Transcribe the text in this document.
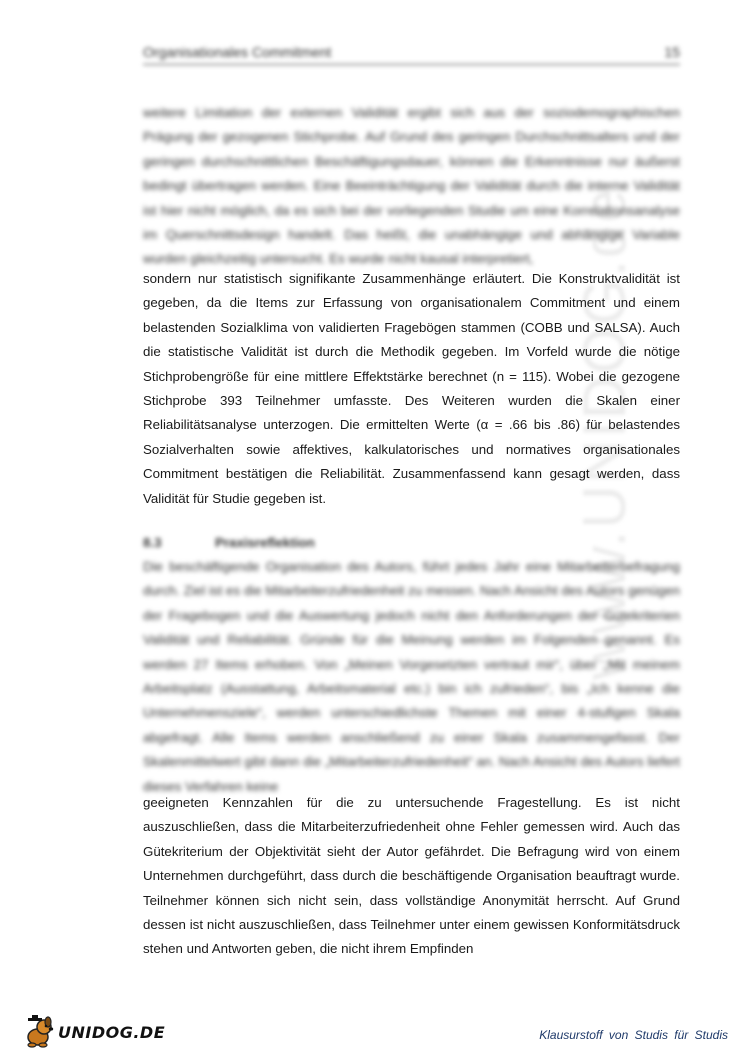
Organisationales Commitment	15
www.UNIDOG.de
weitere Limitation der externen Validität ergibt sich aus der soziodemographischen Prägung der gezogenen Stichprobe. Auf Grund des geringen Durchschnittsalters und der geringen durchschnittlichen Beschäftigungsdauer, können die Erkenntnisse nur äußerst bedingt übertragen werden. Eine Beeinträchtigung der Validität durch die interne Validität ist hier nicht möglich, da es sich bei der vorliegenden Studie um eine Korrelationsanalyse im Querschnittsdesign handelt. Das heißt, die unabhängige und abhängige Variable wurden gleichzeitig untersucht. Es wurde nicht kausal interpretiert,
sondern nur statistisch signifikante Zusammenhänge erläutert. Die Konstruktvalidität ist gegeben, da die Items zur Erfassung von organisationalem Commitment und einem belastenden Sozialklima von validierten Fragebögen stammen (COBB und SALSA). Auch die statistische Validität ist durch die Methodik gegeben. Im Vorfeld wurde die nötige Stichprobengröße für eine mittlere Effektstärke berechnet (n = 115). Wobei die gezogene Stichprobe 393 Teilnehmer umfasste. Des Weiteren wurden die Skalen einer Reliabilitätsanalyse unterzogen. Die ermittelten Werte (α = .66 bis .86) für belastendes Sozialverhalten sowie affektives, kalkulatorisches und normatives organisationales Commitment bestätigen die Reliabilität. Zusammenfassend kann gesagt werden, dass Validität für Studie gegeben ist.
8.3	Praxisreflektion
Die beschäftigende Organisation des Autors, führt jedes Jahr eine Mitarbeiterbefragung durch. Ziel ist es die Mitarbeiterzufriedenheit zu messen. Nach Ansicht des Autors genügen der Fragebogen und die Auswertung jedoch nicht den Anforderungen der Gütekriterien Validität und Reliabilität. Gründe für die Meinung werden im Folgenden genannt. Es werden 27 Items erhoben. Von „Meinen Vorgesetzten vertraut mir“, über „Mit meinem Arbeitsplatz (Ausstattung, Arbeitsmaterial etc.) bin ich zufrieden“, bis „Ich kenne die Unternehmensziele“, werden unterschiedlichste Themen mit einer 4-stufigen Skala abgefragt. Alle Items werden anschließend zu einer Skala zusammengefasst. Der Skalenmittelwert gibt dann die „Mitarbeiterzufriedenheit“ an. Nach Ansicht des Autors liefert dieses Verfahren keine
geeigneten Kennzahlen für die zu untersuchende Fragestellung. Es ist nicht auszuschließen, dass die Mitarbeiterzufriedenheit ohne Fehler gemessen wird. Auch das Gütekriterium der Objektivität sieht der Autor gefährdet. Die Befragung wird von einem Unternehmen durchgeführt, dass durch die beschäftigende Organisation beauftragt wurde. Teilnehmer können sich nicht sein, dass vollständige Anonymität herrscht. Auf Grund dessen ist nicht auszuschließen, dass Teilnehmer unter einem gewissen Konformitätsdruck stehen und Antworten geben, die nicht ihrem Empfinden
UNIDOG.DE	Klausurstoff von Studis für Studis
